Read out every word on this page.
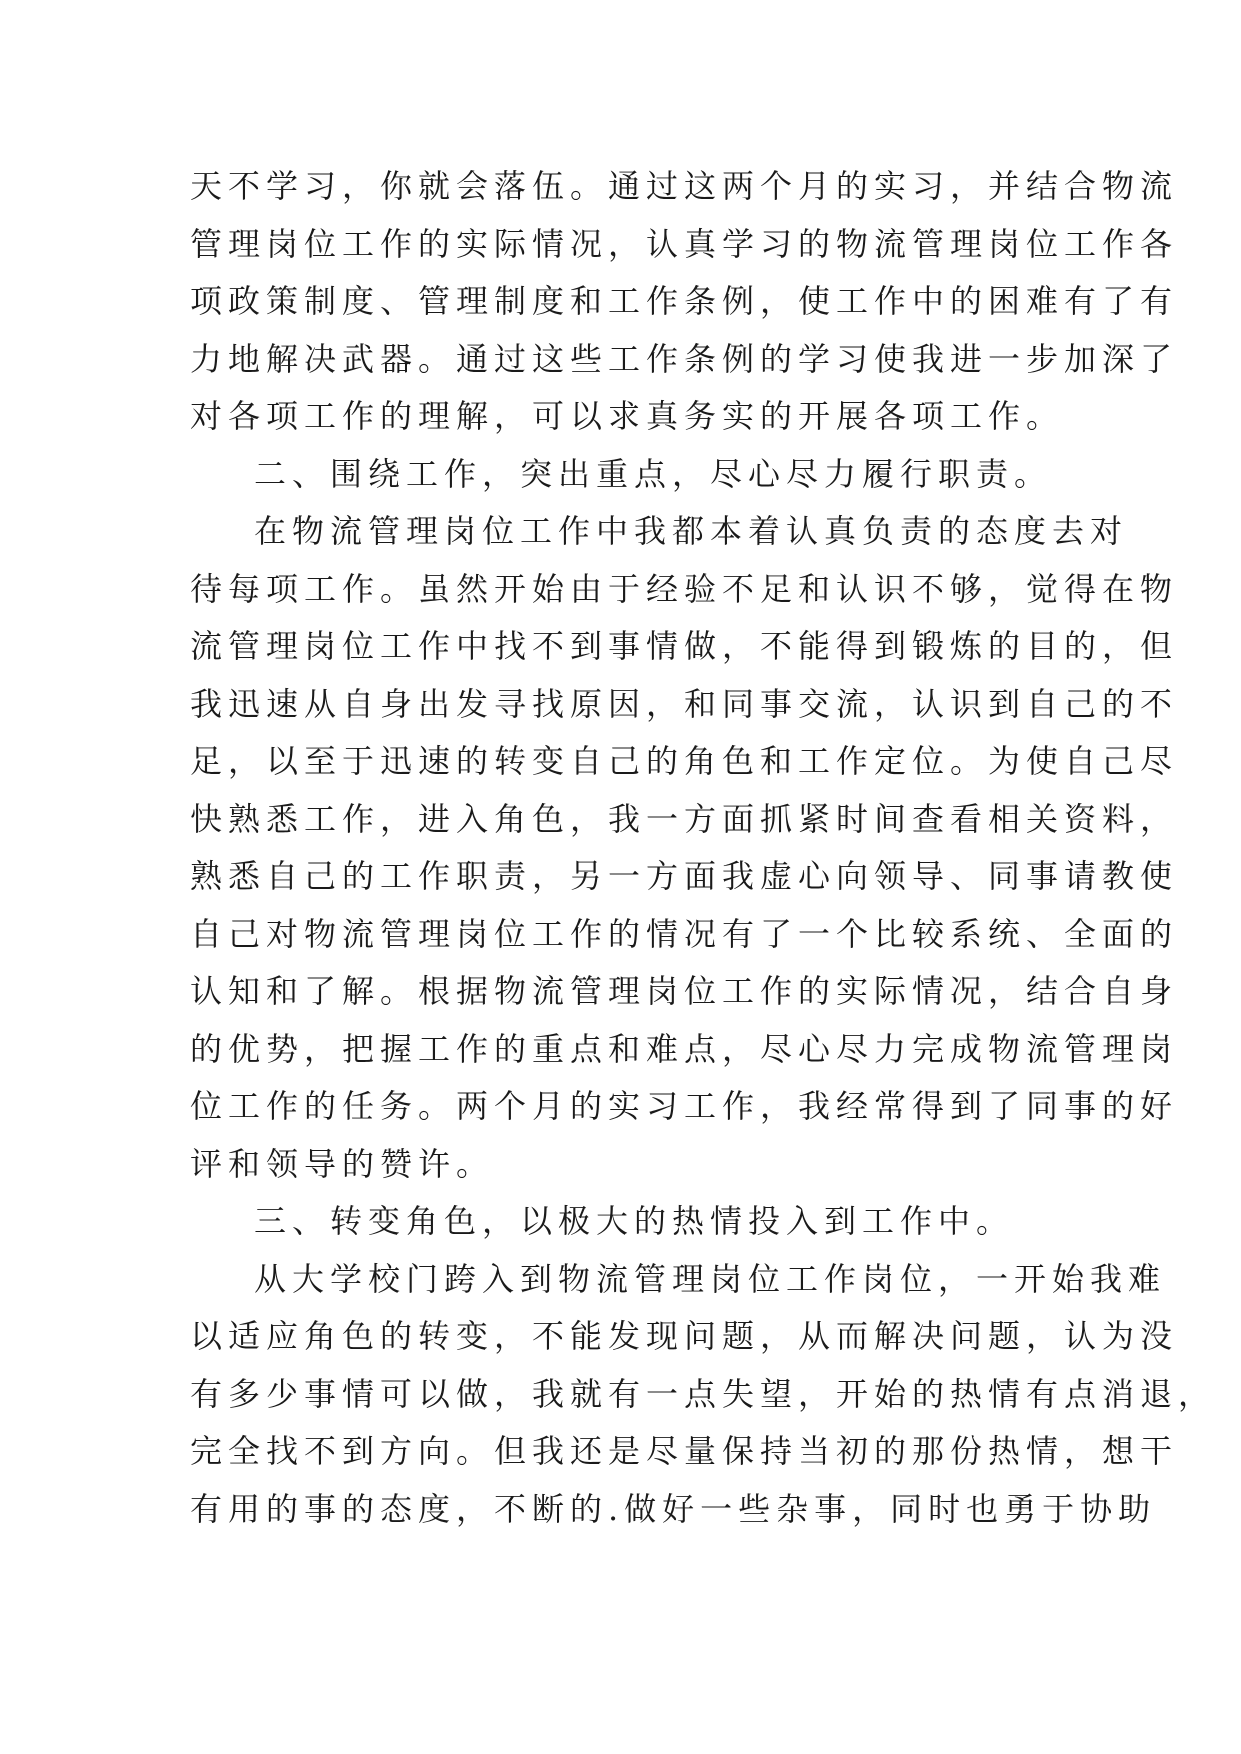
天不学习，你就会落伍。通过这两个月的实习，并结合物流
管理岗位工作的实际情况，认真学习的物流管理岗位工作各
项政策制度、管理制度和工作条例，使工作中的困难有了有
力地解决武器。通过这些工作条例的学习使我进一步加深了
对各项工作的理解，可以求真务实的开展各项工作。
二、围绕工作，突出重点，尽心尽力履行职责。
在物流管理岗位工作中我都本着认真负责的态度去对
待每项工作。虽然开始由于经验不足和认识不够，觉得在物
流管理岗位工作中找不到事情做，不能得到锻炼的目的，但
我迅速从自身出发寻找原因，和同事交流，认识到自己的不
足，以至于迅速的转变自己的角色和工作定位。为使自己尽
快熟悉工作，进入角色，我一方面抓紧时间查看相关资料，
熟悉自己的工作职责，另一方面我虚心向领导、同事请教使
自己对物流管理岗位工作的情况有了一个比较系统、全面的
认知和了解。根据物流管理岗位工作的实际情况，结合自身
的优势，把握工作的重点和难点，尽心尽力完成物流管理岗
位工作的任务。两个月的实习工作，我经常得到了同事的好
评和领导的赞许。
三、转变角色，以极大的热情投入到工作中。
从大学校门跨入到物流管理岗位工作岗位，一开始我难
以适应角色的转变，不能发现问题，从而解决问题，认为没
有多少事情可以做，我就有一点失望，开始的热情有点消退，
完全找不到方向。但我还是尽量保持当初的那份热情，想干
有用的事的态度，不断的.做好一些杂事，同时也勇于协助
